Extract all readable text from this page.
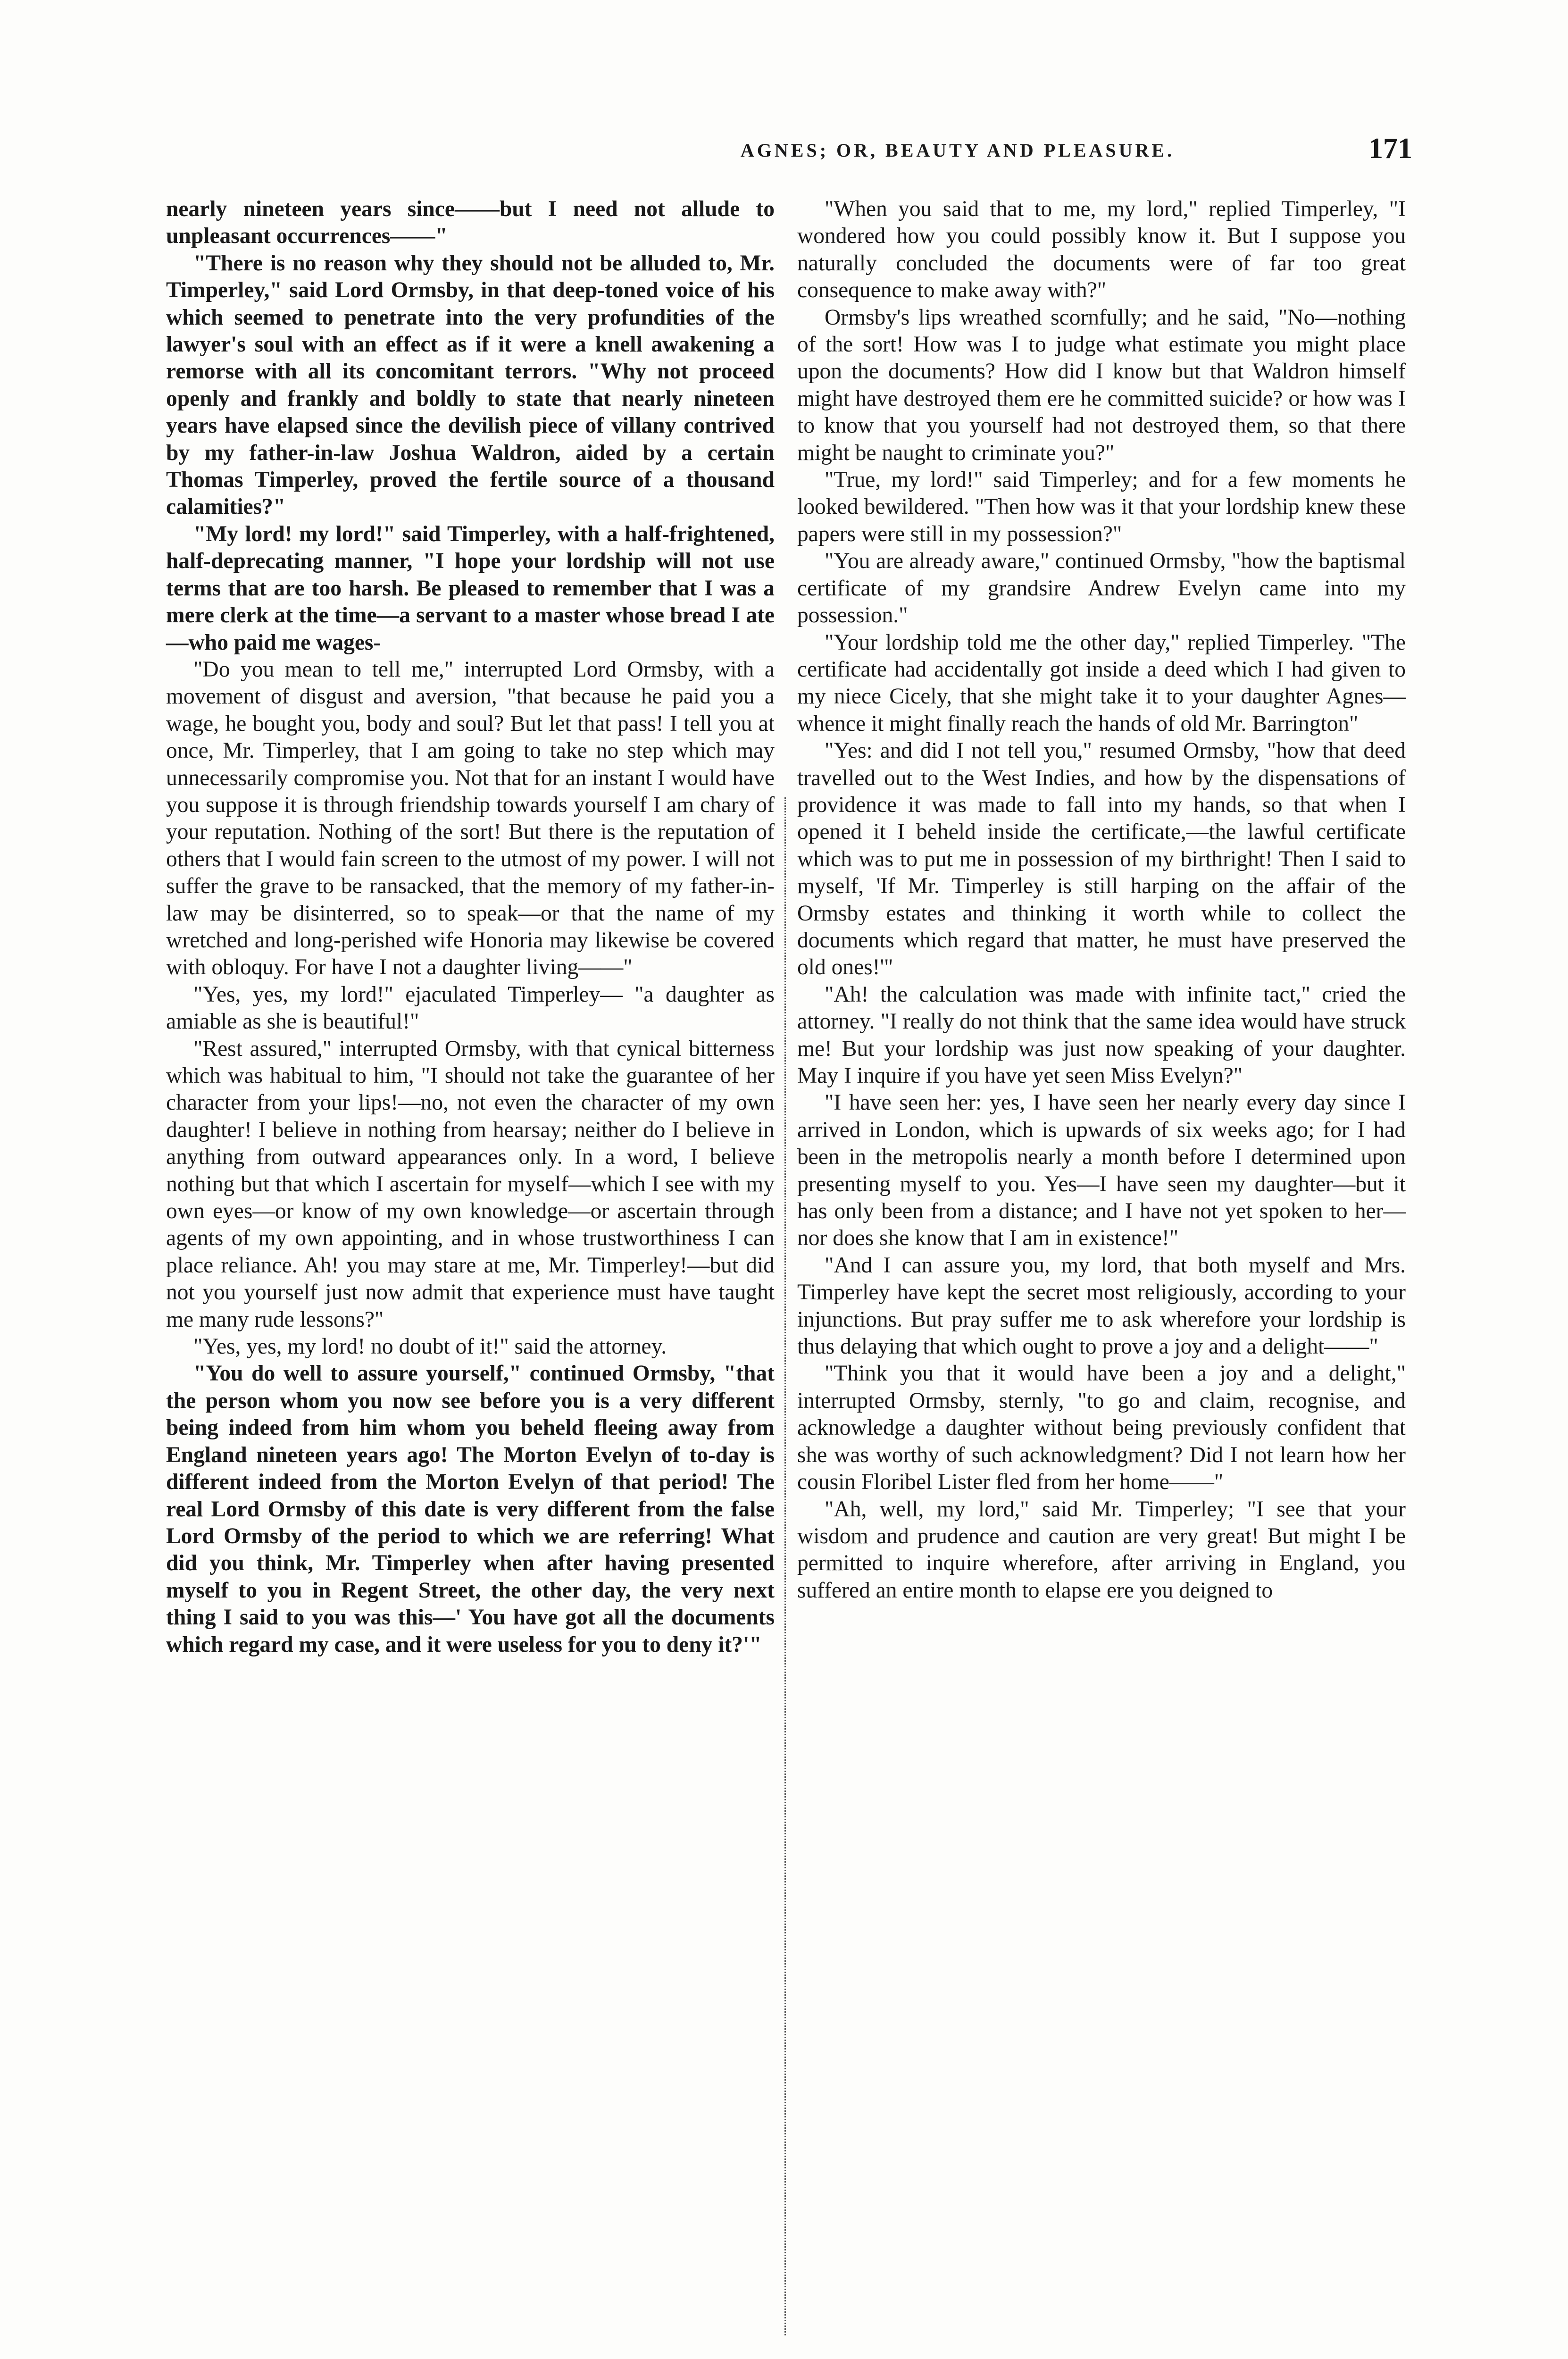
AGNES; OR, BEAUTY AND PLEASURE.	171

nearly nineteen years since——but I need not allude to unpleasant occurrences——"

"There is no reason why they should not be alluded to, Mr. Timperley," said Lord Ormsby, in that deep-toned voice of his which seemed to penetrate into the very profundities of the lawyer's soul with an effect as if it were a knell awakening a remorse with all its concomitant terrors. "Why not proceed openly and frankly and boldly to state that nearly nineteen years have elapsed since the devilish piece of villany contrived by my father-in-law Joshua Waldron, aided by a certain Thomas Timperley, proved the fertile source of a thousand calamities?"

"My lord! my lord!" said Timperley, with a half-frightened, half-deprecating manner, "I hope your lordship will not use terms that are too harsh. Be pleased to remember that I was a mere clerk at the time—a servant to a master whose bread I ate—who paid me wages-

"Do you mean to tell me," interrupted Lord Ormsby, with a movement of disgust and aversion, "that because he paid you a wage, he bought you, body and soul? But let that pass! I tell you at once, Mr. Timperley, that I am going to take no step which may unnecessarily compromise you. Not that for an instant I would have you suppose it is through friendship towards yourself I am chary of your reputation. Nothing of the sort! But there is the reputation of others that I would fain screen to the utmost of my power. I will not suffer the grave to be ransacked, that the memory of my father-in-law may be disinterred, so to speak—or that the name of my wretched and long-perished wife Honoria may likewise be covered with obloquy. For have I not a daughter living——"

"Yes, yes, my lord!" ejaculated Timperley— "a daughter as amiable as she is beautiful!"

"Rest assured," interrupted Ormsby, with that cynical bitterness which was habitual to him, "I should not take the guarantee of her character from your lips!—no, not even the character of my own daughter! I believe in nothing from hearsay; neither do I believe in anything from outward appearances only. In a word, I believe nothing but that which I ascertain for myself—which I see with my own eyes—or know of my own knowledge—or ascertain through agents of my own appointing, and in whose trustworthiness I can place reliance. Ah! you may stare at me, Mr. Timperley!—but did not you yourself just now admit that experience must have taught me many rude lessons?"

"Yes, yes, my lord! no doubt of it!" said the attorney.

"You do well to assure yourself," continued Ormsby, "that the person whom you now see before you is a very different being indeed from him whom you beheld fleeing away from England nineteen years ago! The Morton Evelyn of to-day is different indeed from the Morton Evelyn of that period! The real Lord Ormsby of this date is very different from the false Lord Ormsby of the period to which we are referring! What did you think, Mr. Timperley when after having presented myself to you in Regent Street, the other day, the very next thing I said to you was this—' You have got all the documents which regard my case, and it were useless for you to deny it?'"

"When you said that to me, my lord," replied Timperley, "I wondered how you could possibly know it. But I suppose you naturally concluded the documents were of far too great consequence to make away with?"

Ormsby's lips wreathed scornfully; and he said, "No—nothing of the sort! How was I to judge what estimate you might place upon the documents? How did I know but that Waldron himself might have destroyed them ere he committed suicide? or how was I to know that you yourself had not destroyed them, so that there might be naught to criminate you?"

"True, my lord!" said Timperley; and for a few moments he looked bewildered. "Then how was it that your lordship knew these papers were still in my possession?"

"You are already aware," continued Ormsby, "how the baptismal certificate of my grandsire Andrew Evelyn came into my possession."

"Your lordship told me the other day," replied Timperley. "The certificate had accidentally got inside a deed which I had given to my niece Cicely, that she might take it to your daughter Agnes—whence it might finally reach the hands of old Mr. Barrington"

"Yes: and did I not tell you," resumed Ormsby, "how that deed travelled out to the West Indies, and how by the dispensations of providence it was made to fall into my hands, so that when I opened it I beheld inside the certificate,—the lawful certificate which was to put me in possession of my birthright! Then I said to myself, 'If Mr. Timperley is still harping on the affair of the Ormsby estates and thinking it worth while to collect the documents which regard that matter, he must have preserved the old ones!'"

"Ah! the calculation was made with infinite tact," cried the attorney. "I really do not think that the same idea would have struck me! But your lordship was just now speaking of your daughter. May I inquire if you have yet seen Miss Evelyn?"

"I have seen her: yes, I have seen her nearly every day since I arrived in London, which is upwards of six weeks ago; for I had been in the metropolis nearly a month before I determined upon presenting myself to you. Yes—I have seen my daughter—but it has only been from a distance; and I have not yet spoken to her—nor does she know that I am in existence!"

"And I can assure you, my lord, that both myself and Mrs. Timperley have kept the secret most religiously, according to your injunctions. But pray suffer me to ask wherefore your lordship is thus delaying that which ought to prove a joy and a delight——"

"Think you that it would have been a joy and a delight," interrupted Ormsby, sternly, "to go and claim, recognise, and acknowledge a daughter without being previously confident that she was worthy of such acknowledgment? Did I not learn how her cousin Floribel Lister fled from her home——"

"Ah, well, my lord," said Mr. Timperley; "I see that your wisdom and prudence and caution are very great! But might I be permitted to inquire wherefore, after arriving in England, you suffered an entire month to elapse ere you deigned to
